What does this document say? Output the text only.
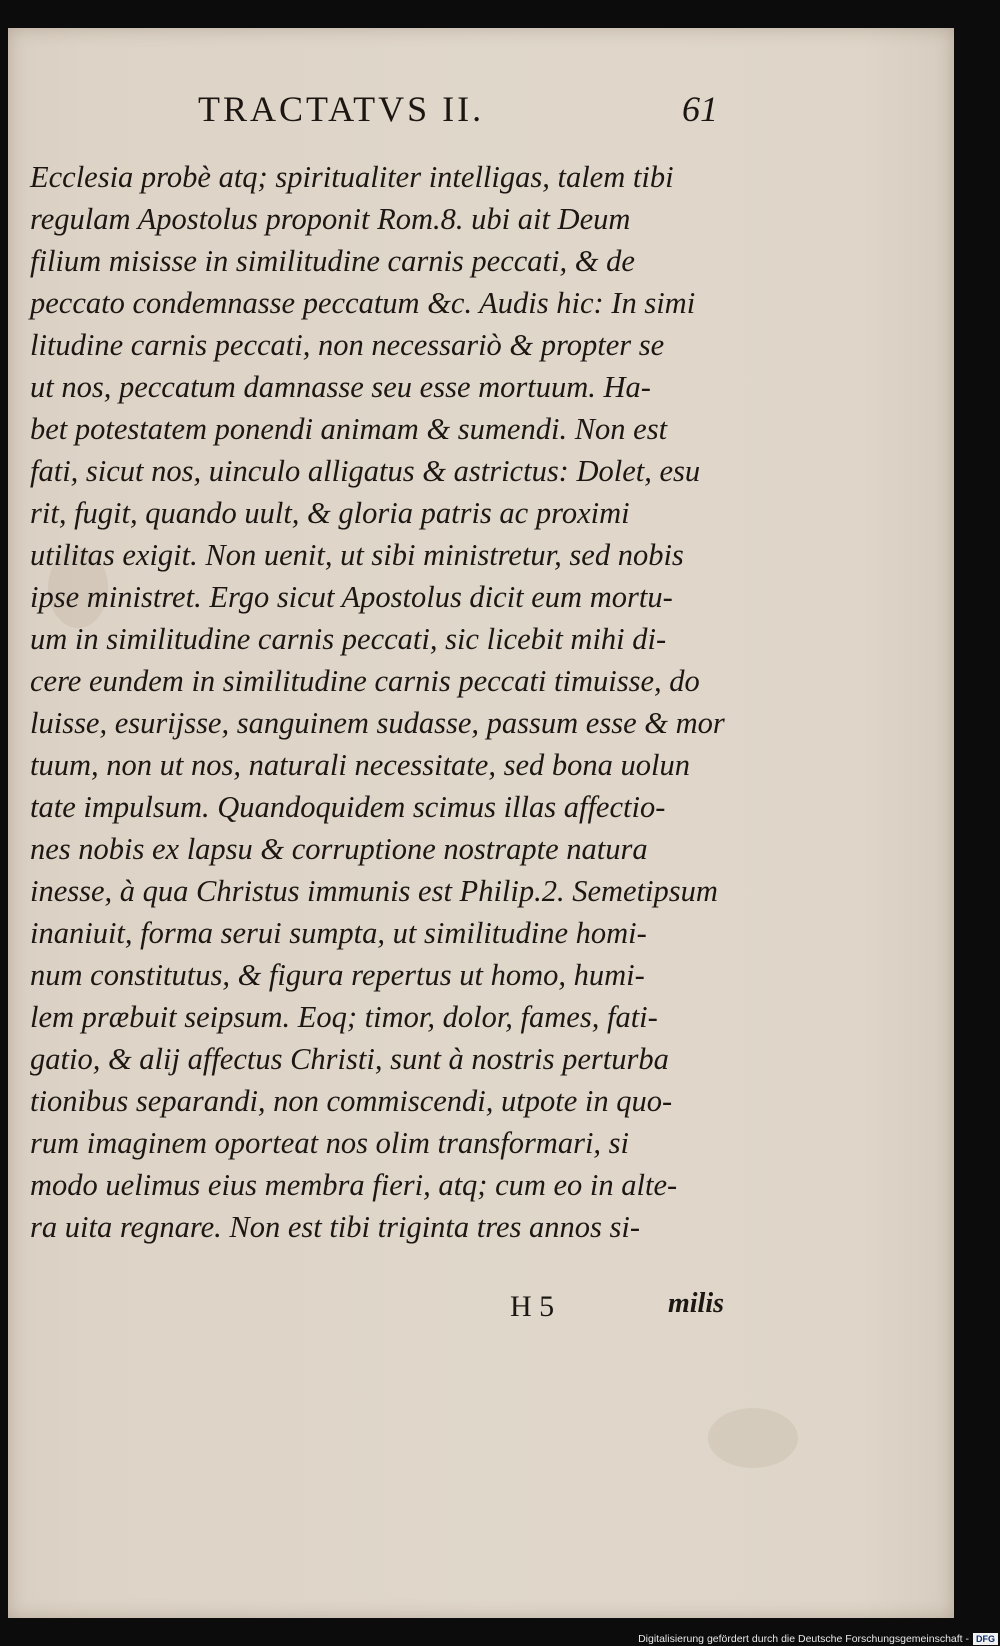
TRACTATVS II.	61
Ecclesia probè atq; spiritualiter intelligas, talem tibi
regulam Apostolus proponit Rom.8. ubi ait Deum
filium misisse in similitudine carnis peccati, & de
peccato condemnasse peccatum &c. Audis hic: In simi
litudine carnis peccati, non necessariò & propter se
ut nos, peccatum damnasse seu esse mortuum. Ha-
bet potestatem ponendi animam & sumendi. Non est
fati, sicut nos, uinculo alligatus & astrictus: Dolet, esu
rit, fugit, quando uult, & gloria patris ac proximi
utilitas exigit. Non uenit, ut sibi ministretur, sed nobis
ipse ministret. Ergo sicut Apostolus dicit eum mortu-
um in similitudine carnis peccati, sic licebit mihi di-
cere eundem in similitudine carnis peccati timuisse, do
luisse, esurijsse, sanguinem sudasse, passum esse & mor
tuum, non ut nos, naturali necessitate, sed bona uolun
tate impulsum. Quandoquidem scimus illas affectio-
nes nobis ex lapsu & corruptione nostrapte natura
inesse, à qua Christus immunis est Philip.2. Semetipsum
inaniuit, forma serui sumpta, ut similitudine homi-
num constitutus, & figura repertus ut homo, humi-
lem præbuit seipsum. Eoq; timor, dolor, fames, fati-
gatio, & alij affectus Christi, sunt à nostris perturba
tionibus separandi, non commiscendi, utpote in quo-
rum imaginem oporteat nos olim transformari, si
modo uelimus eius membra fieri, atq; cum eo in alte-
ra uita regnare. Non est tibi triginta tres annos si-
H 5	milis
Digitalisierung gefördert durch die Deutsche Forschungsgemeinschaft - DFG
